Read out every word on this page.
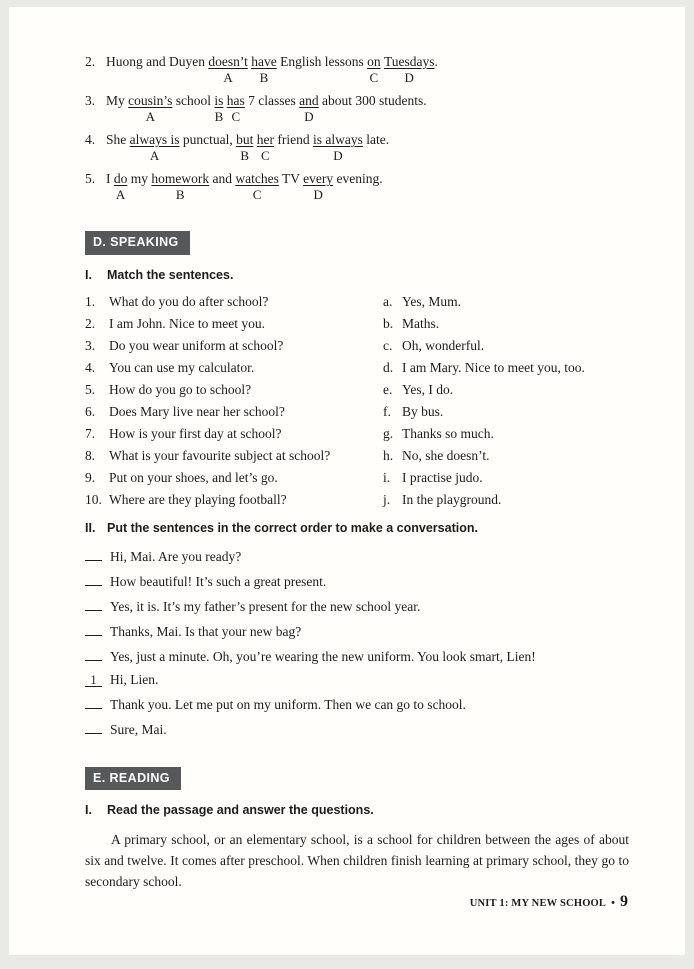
2. Huong and Duyen doesn’t
A

have
B
English lessons $\frac{on}{C}$
Tuesdays
D
.
3. My cousin’s
A
school $\frac{is}{B}$
has
C
7 classes and
D
about 300 students.
4. She always is
A
punctual, but
B

her
C
friend is always
D
late.
5. I $\frac{do}{A}$ my homework
B
and watches
C
TV every
D
evening.
D. SPEAKING
I.	Match the sentences.
1.	What do you do after school?	a. Yes, Mum.
2.	I am John. Nice to meet you.	b. Maths.
3.	Do you wear uniform at school?	c. Oh, wonderful.
4.	You can use my calculator.	d. I am Mary. Nice to meet you, too.
5.	How do you go to school?	e. Yes, I do.
6.	Does Mary live near her school?	f. By bus.
7.	How is your first day at school?	g. Thanks so much.
8.	What is your favourite subject at school?	h. No, she doesn’t.
9.	Put on your shoes, and let’s go.	i. I practise judo.
10. Where are they playing football?	j. In the playground.
II. Put the sentences in the correct order to make a conversation.
Hi, Mai. Are you ready?
How beautiful! It’s such a great present.
Yes, it is. It’s my father’s present for the new school year.
Thanks, Mai. Is that your new bag?
Yes, just a minute. Oh, you’re wearing the new uniform. You look smart, Lien!
1 Hi, Lien.
Thank you. Let me put on my uniform. Then we can go to school.
Sure, Mai.
E. READING
I.	Read the passage and answer the questions.

A primary school, or an elementary school, is a school for children between the ages of about six and twelve. It comes after preschool. When children finish learning at primary school, they go to secondary school.

UNIT 1: MY NEW SCHOOL • 9
